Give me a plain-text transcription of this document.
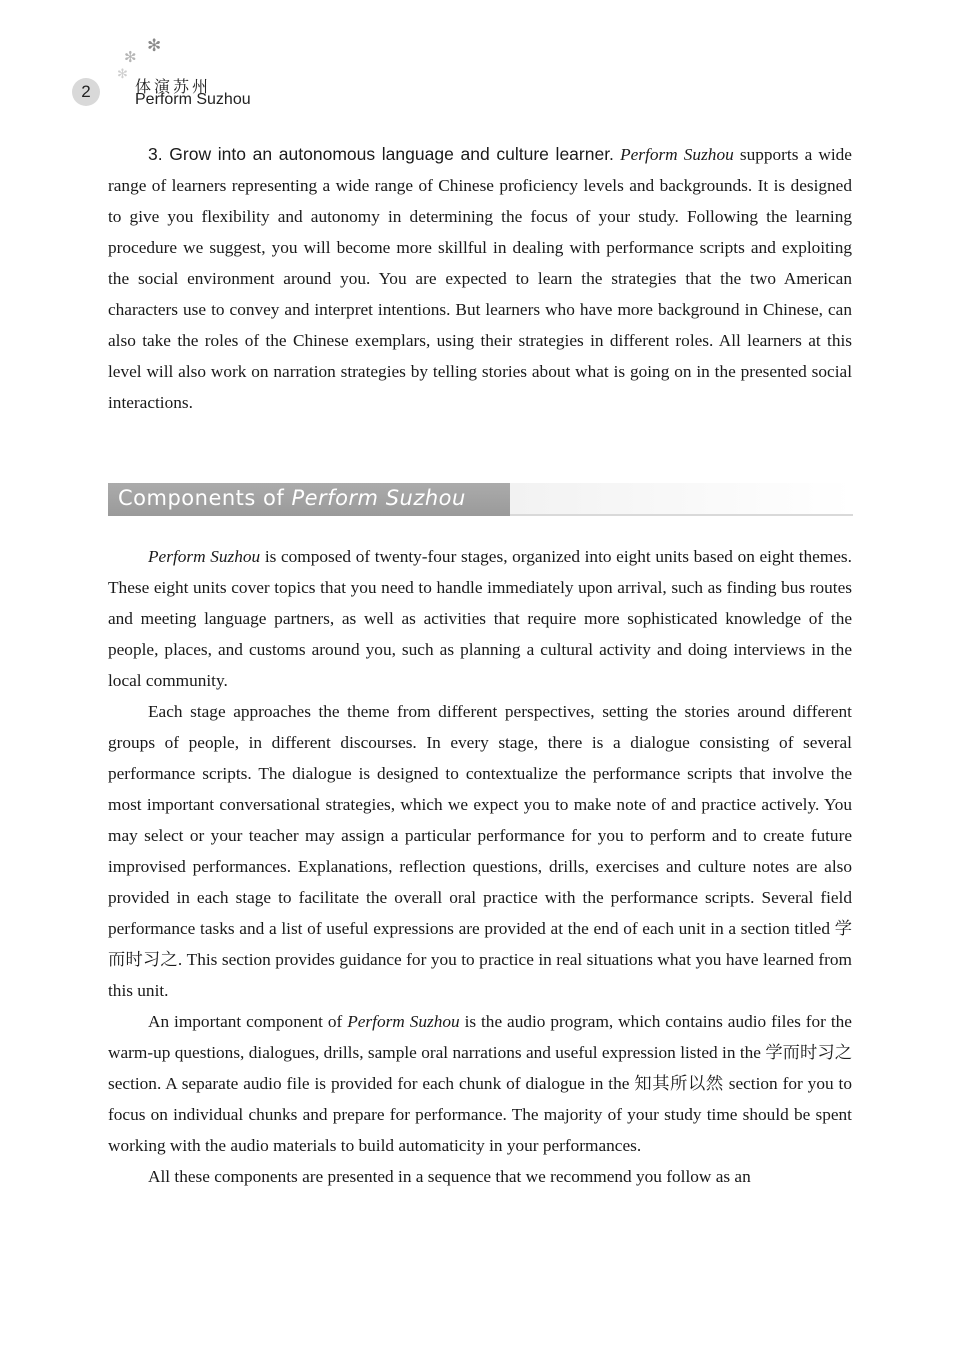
✻
✻
✻
2	体演苏州
Perform Suzhou

3. Grow into an autonomous language and culture learner. Perform Suzhou supports a wide range of learners representing a wide range of Chinese proficiency levels and backgrounds. It is designed to give you flexibility and autonomy in determining the focus of your study. Following the learning procedure we suggest, you will become more skillful in dealing with performance scripts and exploiting the social environment around you. You are expected to learn the strategies that the two American characters use to convey and interpret intentions. But learners who have more background in Chinese, can also take the roles of the Chinese exemplars, using their strategies in different roles. All learners at this level will also work on narration strategies by telling stories about what is going on in the presented social interactions.

Components of Perform Suzhou

Perform Suzhou is composed of twenty-four stages, organized into eight units based on eight themes. These eight units cover topics that you need to handle immediately upon arrival, such as finding bus routes and meeting language partners, as well as activities that require more sophisticated knowledge of the people, places, and customs around you, such as planning a cultural activity and doing interviews in the local community.

Each stage approaches the theme from different perspectives, setting the stories around different groups of people, in different discourses. In every stage, there is a dialogue consisting of several performance scripts. The dialogue is designed to contextualize the performance scripts that involve the most important conversational strategies, which we expect you to make note of and practice actively. You may select or your teacher may assign a particular performance for you to perform and to create future improvised performances. Explanations, reflection questions, drills, exercises and culture notes are also provided in each stage to facilitate the overall oral practice with the performance scripts. Several field performance tasks and a list of useful expressions are provided at the end of each unit in a section titled 学而时习之. This section provides guidance for you to practice in real situations what you have learned from this unit.

An important component of Perform Suzhou is the audio program, which contains audio files for the warm-up questions, dialogues, drills, sample oral narrations and useful expression listed in the 学而时习之 section. A separate audio file is provided for each chunk of dialogue in the 知其所以然 section for you to focus on individual chunks and prepare for performance. The majority of your study time should be spent working with the audio materials to build automaticity in your performances.

All these components are presented in a sequence that we recommend you follow as an
